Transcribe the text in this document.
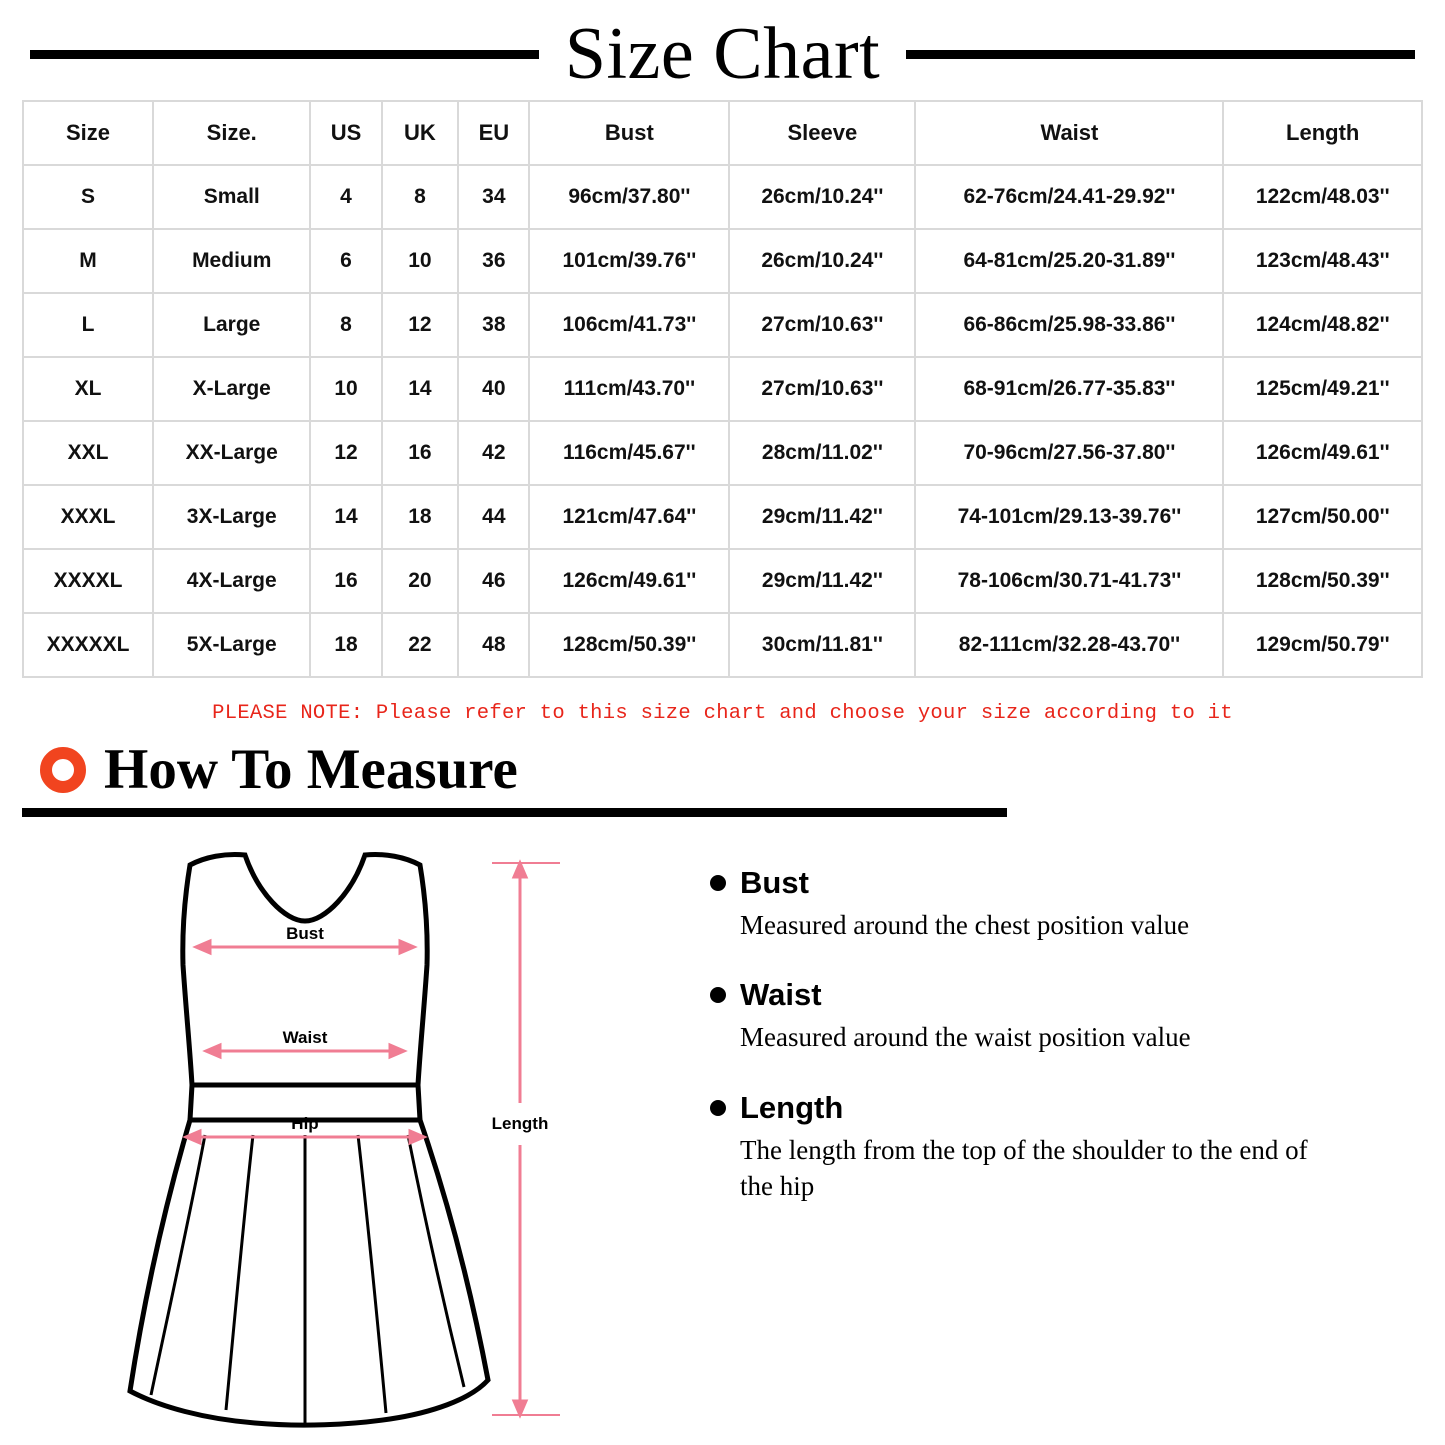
Size Chart
Size	Size.	US	UK	EU	Bust	Sleeve	Waist	Length
S	Small	4	8	34	96cm/37.80''	26cm/10.24''	62-76cm/24.41-29.92''	122cm/48.03''
M	Medium	6	10	36	101cm/39.76''	26cm/10.24''	64-81cm/25.20-31.89''	123cm/48.43''
L	Large	8	12	38	106cm/41.73''	27cm/10.63''	66-86cm/25.98-33.86''	124cm/48.82''
XL	X-Large	10	14	40	111cm/43.70''	27cm/10.63''	68-91cm/26.77-35.83''	125cm/49.21''
XXL	XX-Large	12	16	42	116cm/45.67''	28cm/11.02''	70-96cm/27.56-37.80''	126cm/49.61''
XXXL	3X-Large	14	18	44	121cm/47.64''	29cm/11.42''	74-101cm/29.13-39.76''	127cm/50.00''
XXXXL	4X-Large	16	20	46	126cm/49.61''	29cm/11.42''	78-106cm/30.71-41.73''	128cm/50.39''
XXXXXL	5X-Large	18	22	48	128cm/50.39''	30cm/11.81''	82-111cm/32.28-43.70''	129cm/50.79''
PLEASE NOTE: Please refer to this size chart and choose your size according to it
How To Measure
Bust
Waist
Hip	Length
Bust
Measured around the chest position value
Waist
Measured around the waist position value
Length
The length from the top of the shoulder to the end of the hip
